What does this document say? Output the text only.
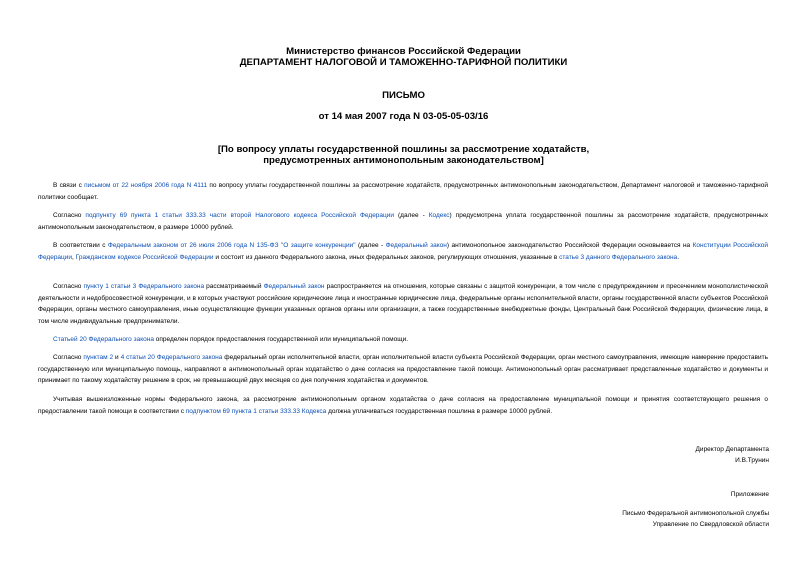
Министерство финансов Российской Федерации
ДЕПАРТАМЕНТ НАЛОГОВОЙ И ТАМОЖЕННО-ТАРИФНОЙ ПОЛИТИКИ
ПИСЬМО
от 14 мая 2007 года N 03-05-05-03/16
[По вопросу уплаты государственной пошлины за рассмотрение ходатайств,
предусмотренных антимонопольным законодательством]
В связи с письмом от 22 ноября 2006 года N 4111 по вопросу уплаты государственной пошлины за рассмотрение ходатайств, предусмотренных антимонопольным законодательством, Департамент налоговой и таможенно-тарифной политики сообщает.
Согласно подпункту 69 пункта 1 статьи 333.33 части второй Налогового кодекса Российской Федерации (далее - Кодекс) предусмотрена уплата государственной пошлины за рассмотрение ходатайств, предусмотренных антимонопольным законодательством, в размере 10000 рублей.
В соответствии с Федеральным законом от 26 июля 2006 года N 135-ФЗ "О защите конкуренции" (далее - Федеральный закон) антимонопольное законодательство Российской Федерации основывается на Конституции Российской Федерации, Гражданском кодексе Российской Федерации и состоит из данного Федерального закона, иных федеральных законов, регулирующих отношения, указанные в статье 3 данного Федерального закона.
Согласно пункту 1 статьи 3 Федерального закона рассматриваемый Федеральный закон распространяется на отношения, которые связаны с защитой конкуренции, в том числе с предупреждением и пресечением монополистической деятельности и недобросовестной конкуренции, и в которых участвуют российские юридические лица и иностранные юридические лица, федеральные органы исполнительной власти, органы государственной власти субъектов Российской Федерации, органы местного самоуправления, иные осуществляющие функции указанных органов органы или организации, а также государственные внебюджетные фонды, Центральный банк Российской Федерации, физические лица, в том числе индивидуальные предприниматели.
Статьей 20 Федерального закона определен порядок предоставления государственной или муниципальной помощи.
Согласно пунктам 2 и 4 статьи 20 Федерального закона федеральный орган исполнительной власти, орган исполнительной власти субъекта Российской Федерации, орган местного самоуправления, имеющие намерение предоставить государственную или муниципальную помощь, направляют в антимонопольный орган ходатайство о даче согласия на предоставление такой помощи. Антимонопольный орган рассматривает представленные ходатайство и документы и принимает по такому ходатайству решение в срок, не превышающий двух месяцев со дня получения ходатайства и документов.
Учитывая вышеизложенные нормы Федерального закона, за рассмотрение антимонопольным органом ходатайства о даче согласия на предоставление муниципальной помощи и принятия соответствующего решения о предоставлении такой помощи в соответствии с подпунктом 69 пункта 1 статьи 333.33 Кодекса должна уплачиваться государственная пошлина в размере 10000 рублей.
Директор Департамента
И.В.Трунин
Приложение
Письмо Федеральной антимонопольной службы
Управление по Свердловской области
